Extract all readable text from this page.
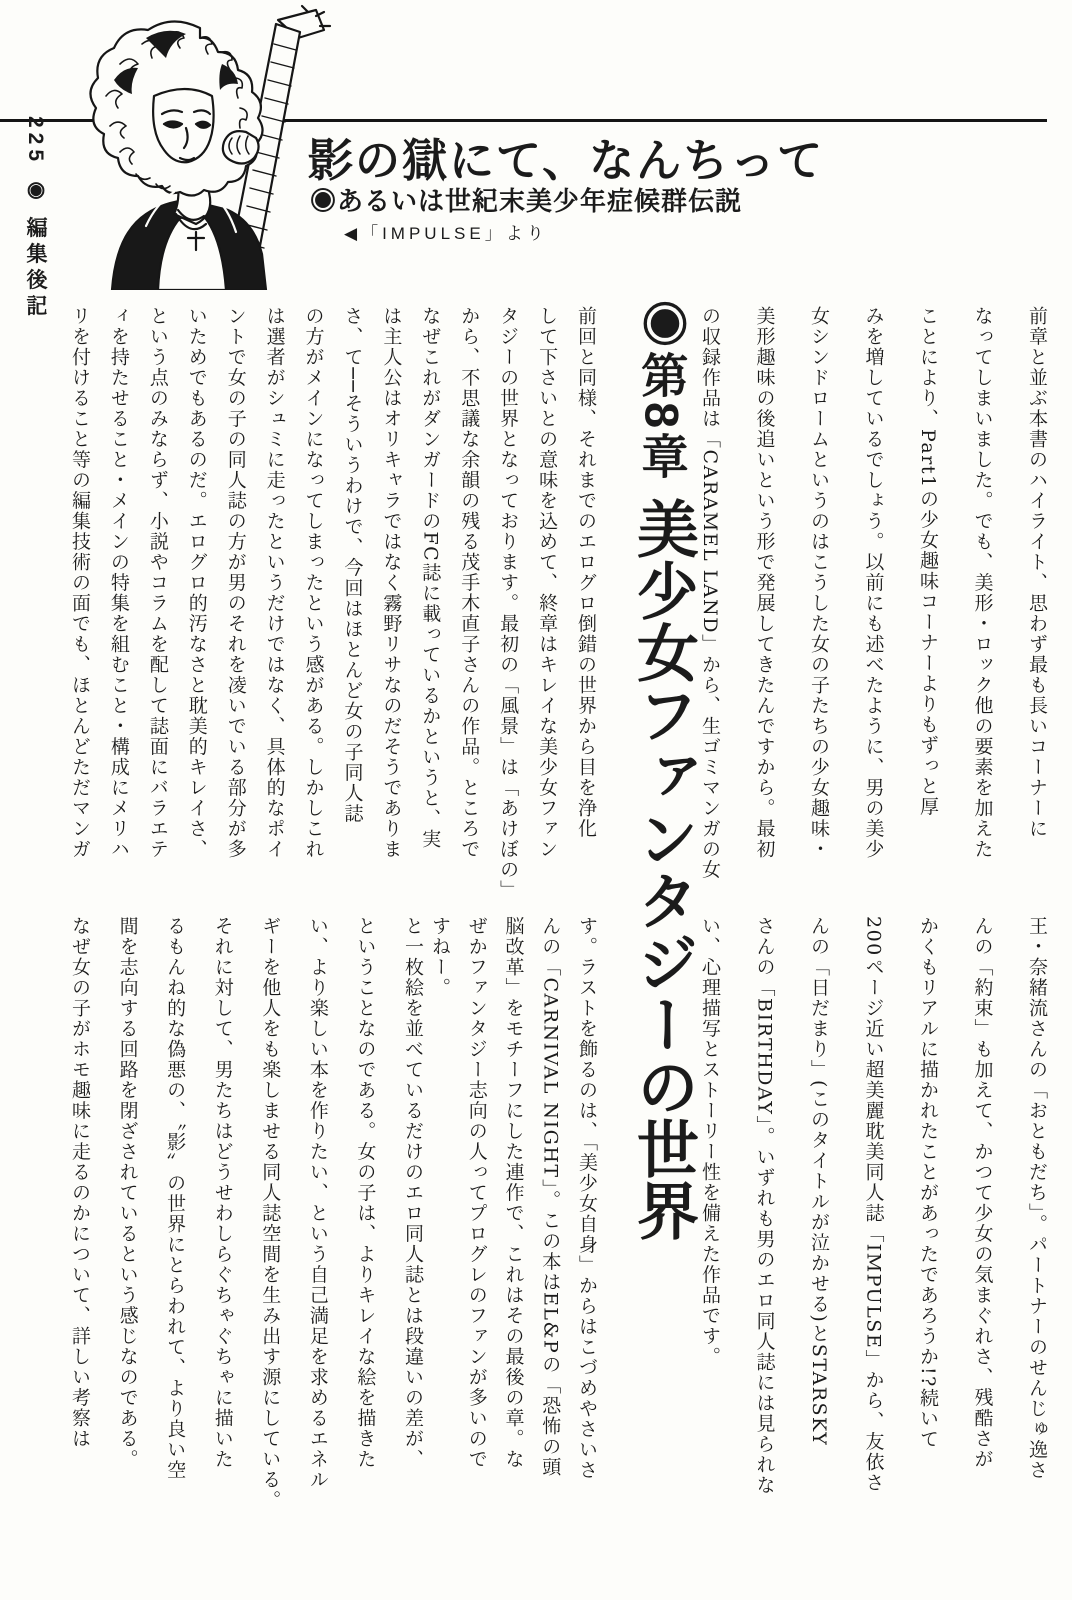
225 ◉ 編集後記	影の獄にて、なんちって
◉あるいは世紀末美少年症候群伝説
◀「IMPULSE」より
◉第8章
美少女ファンタジーの世界	前章と並ぶ本書のハイライト、思わず最も長いコーナーに
なってしまいました。でも、美形・ロック他の要素を加えた
ことにより、Part1の少女趣味コーナーよりもずっと厚
みを増しているでしょう。以前にも述べたように、男の美少
女シンドロームというのはこうした女の子たちの少女趣味・
美形趣味の後追いという形で発展してきたんですから。最初
の収録作品は「CARAMEL LAND」から、生ゴミマンガの女
前回と同様、それまでのエログロ倒錯の世界から目を浄化
して下さいとの意味を込めて、終章はキレイな美少女ファン
タジーの世界となっております。最初の「風景」は「あけぼの」
から、不思議な余韻の残る茂手木直子さんの作品。ところで
なぜこれがダンガードのFC誌に載っているかというと、実
は主人公はオリキャラではなく霧野リサなのだそうでありま
さ、て──そういうわけで、今回はほとんど女の子同人誌
の方がメインになってしまったという感がある。しかしこれ
は選者がシュミに走ったというだけではなく、具体的なポイ
ントで女の子の同人誌の方が男のそれを凌いでいる部分が多
いためでもあるのだ。エログロ的汚なさと耽美的キレイさ、
という点のみならず、小説やコラムを配して誌面にバラエテ
ィを持たせること・メインの特集を組むこと・構成にメリハ
リを付けること等の編集技術の面でも、ほとんどただマンガ
王・奈緒流さんの「おともだち」。パートナーのせんじゅ逸さ
んの「約束」も加えて、かつて少女の気まぐれさ、残酷さが
かくもリアルに描かれたことがあったであろうか!?続いて
200ページ近い超美麗耽美同人誌「IMPULSE」から、友依さ
んの「日だまり」(このタイトルが泣かせる)とSTARSKY
さんの「BIRTHDAY」。いずれも男のエロ同人誌には見られな
い、心理描写とストーリー性を備えた作品です。
す。ラストを飾るのは、「美少女自身」からはこづめやさいさ
んの「CARNIVAL NIGHT」。この本はEL&Pの「恐怖の頭
脳改革」をモチーフにした連作で、これはその最後の章。な
ぜかファンタジー志向の人ってプログレのファンが多いので
すねー。
と一枚絵を並べているだけのエロ同人誌とは段違いの差が、
ということなのである。女の子は、よりキレイな絵を描きた
い、より楽しい本を作りたい、という自己満足を求めるエネル
ギーを他人をも楽しませる同人誌空間を生み出す源にしている。
それに対して、男たちはどうせわしらぐちゃぐちゃに描いた
るもんね的な偽悪の、〝影〟の世界にとらわれて、より良い空
間を志向する回路を閉ざされているという感じなのである。
なぜ女の子がホモ趣味に走るのかについて、詳しい考察は
